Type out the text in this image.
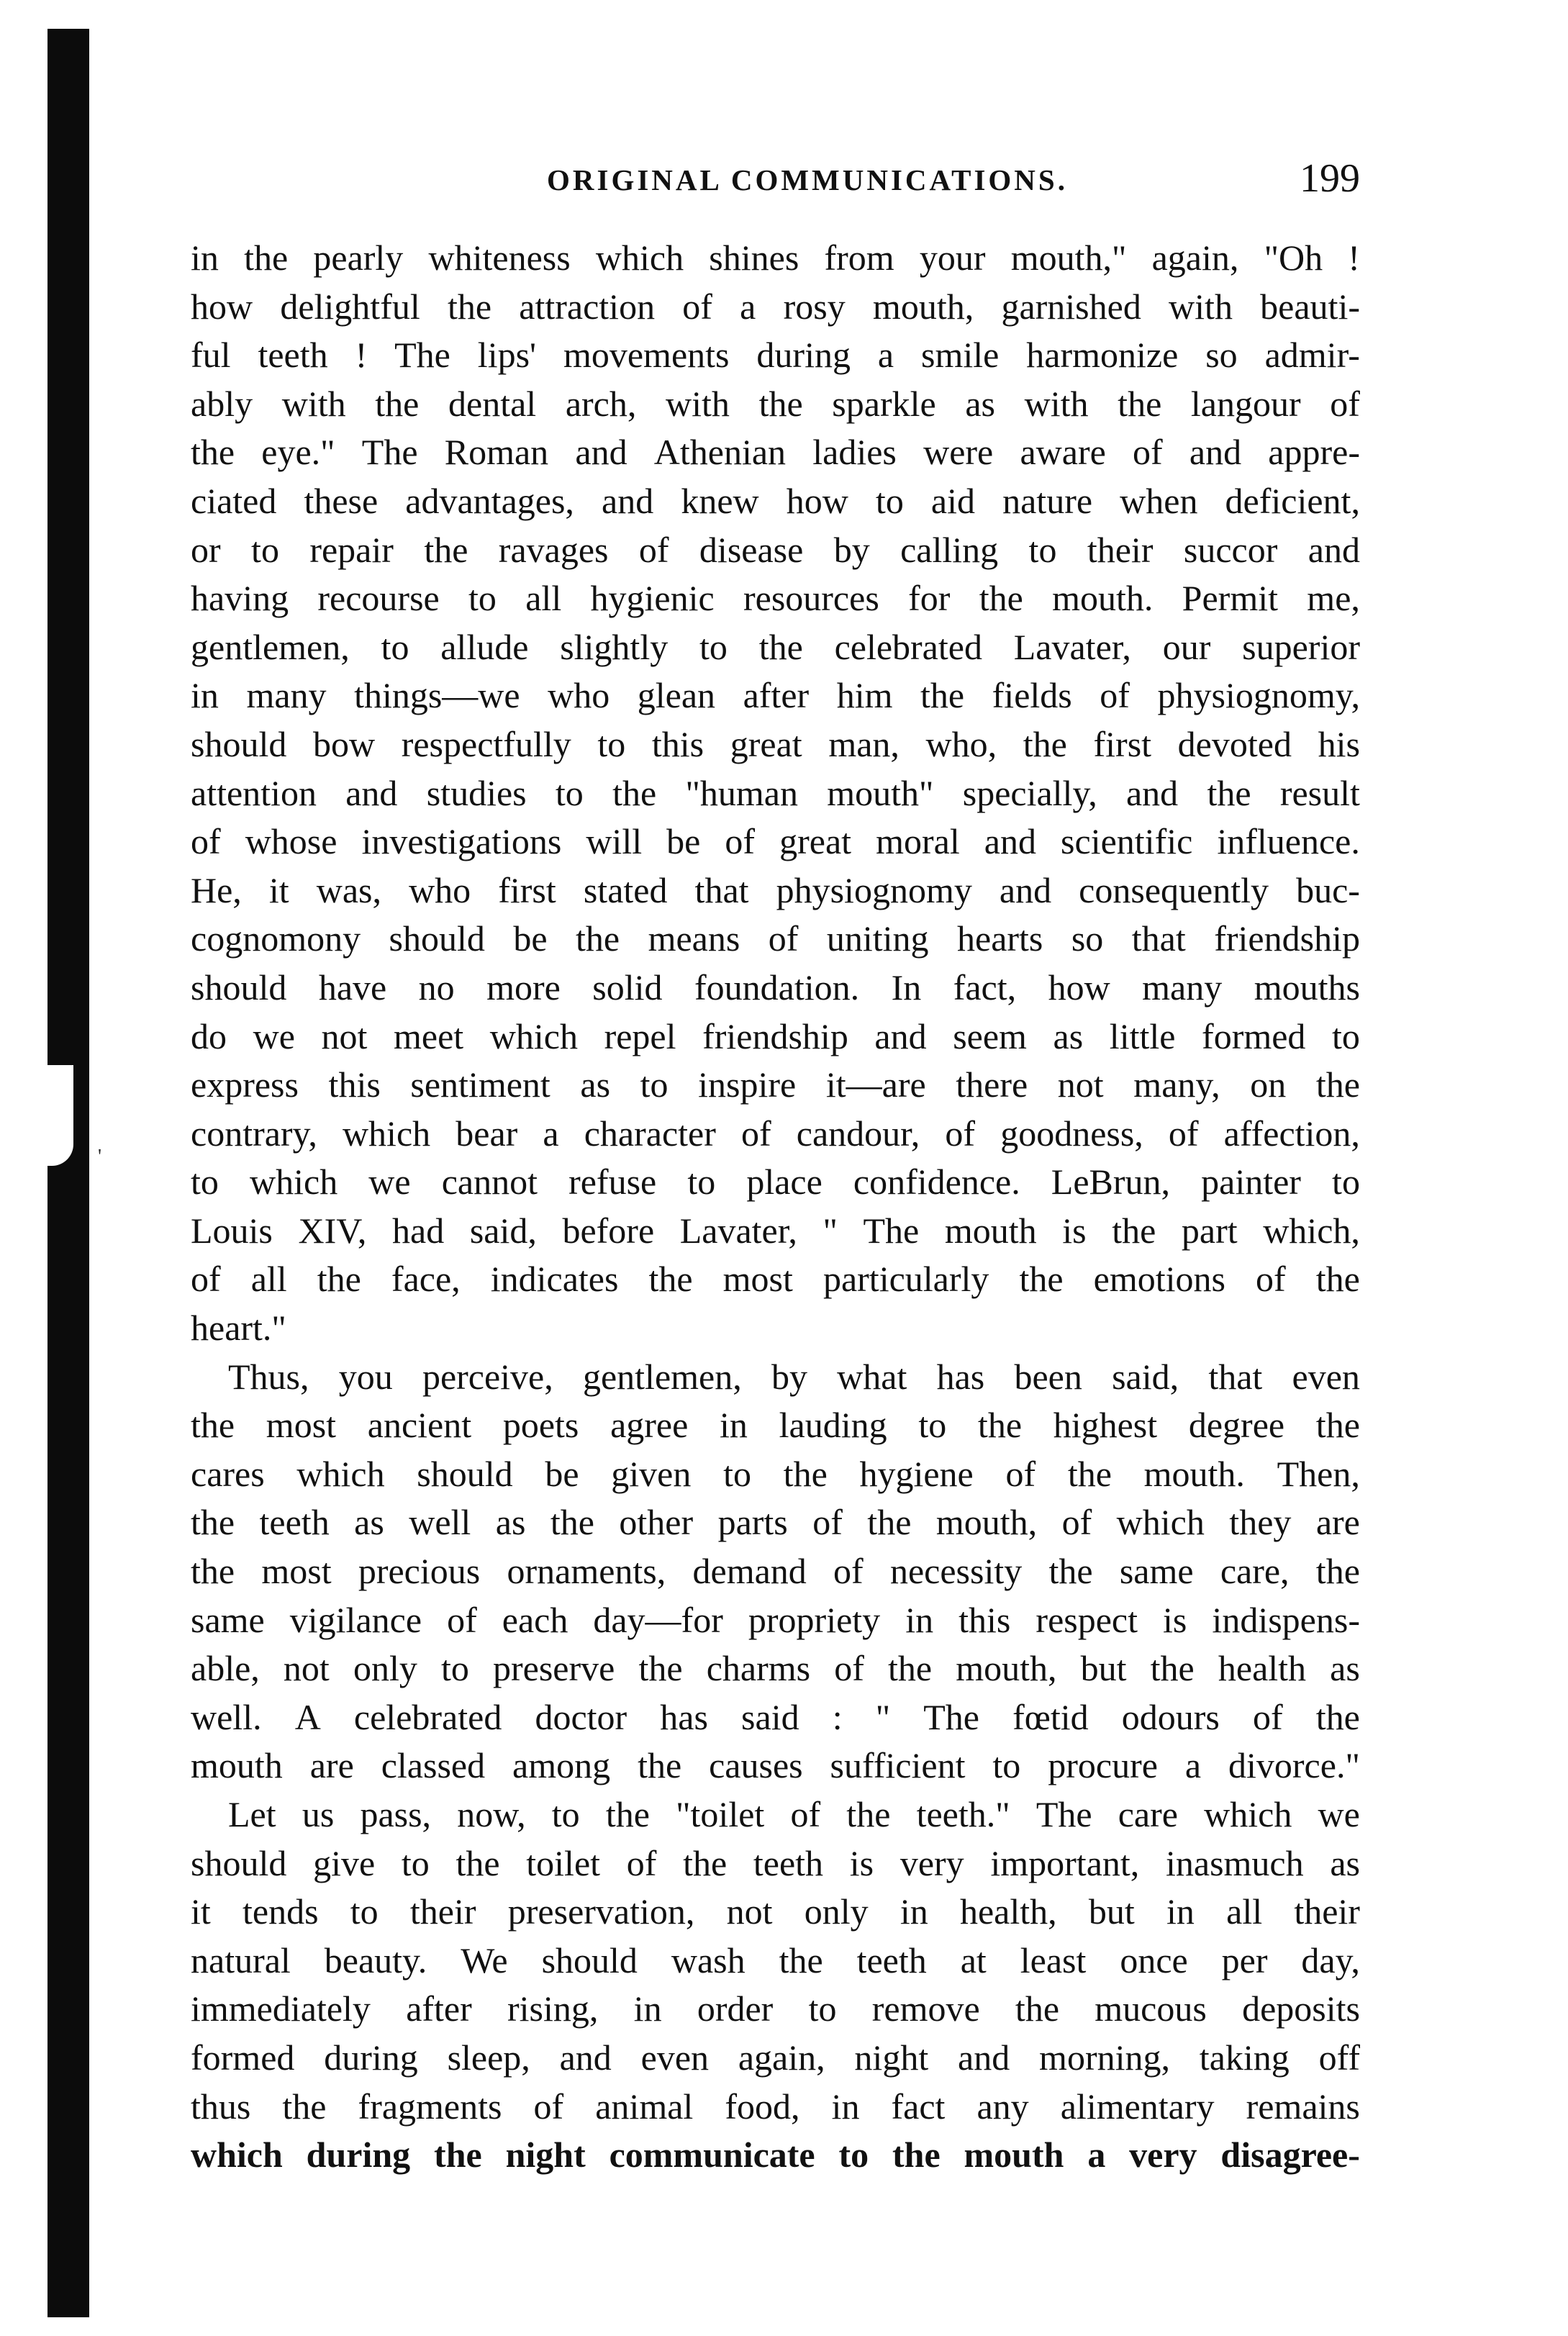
'
ORIGINAL COMMUNICATIONS.	199
in the pearly whiteness which shines from your mouth," again, "Oh !
how delightful the attraction of a rosy mouth, garnished with beauti-
ful teeth ! The lips' movements during a smile harmonize so admir-
ably with the dental arch, with the sparkle as with the langour of
the eye." The Roman and Athenian ladies were aware of and appre-
ciated these advantages, and knew how to aid nature when deficient,
or to repair the ravages of disease by calling to their succor and
having recourse to all hygienic resources for the mouth. Permit me,
gentlemen, to allude slightly to the celebrated Lavater, our superior
in many things—we who glean after him the fields of physiognomy,
should bow respectfully to this great man, who, the first devoted his
attention and studies to the "human mouth" specially, and the result
of whose investigations will be of great moral and scientific influence.
He, it was, who first stated that physiognomy and consequently buc-
cognomony should be the means of uniting hearts so that friendship
should have no more solid foundation. In fact, how many mouths
do we not meet which repel friendship and seem as little formed to
express this sentiment as to inspire it—are there not many, on the
contrary, which bear a character of candour, of goodness, of affection,
to which we cannot refuse to place confidence. LeBrun, painter to
Louis XIV, had said, before Lavater, " The mouth is the part which,
of all the face, indicates the most particularly the emotions of the
heart."
Thus, you perceive, gentlemen, by what has been said, that even
the most ancient poets agree in lauding to the highest degree the
cares which should be given to the hygiene of the mouth. Then,
the teeth as well as the other parts of the mouth, of which they are
the most precious ornaments, demand of necessity the same care, the
same vigilance of each day—for propriety in this respect is indispens-
able, not only to preserve the charms of the mouth, but the health as
well. A celebrated doctor has said : " The fœtid odours of the
mouth are classed among the causes sufficient to procure a divorce."
Let us pass, now, to the "toilet of the teeth." The care which we
should give to the toilet of the teeth is very important, inasmuch as
it tends to their preservation, not only in health, but in all their
natural beauty. We should wash the teeth at least once per day,
immediately after rising, in order to remove the mucous deposits
formed during sleep, and even again, night and morning, taking off
thus the fragments of animal food, in fact any alimentary remains
which during the night communicate to the mouth a very disagree-
